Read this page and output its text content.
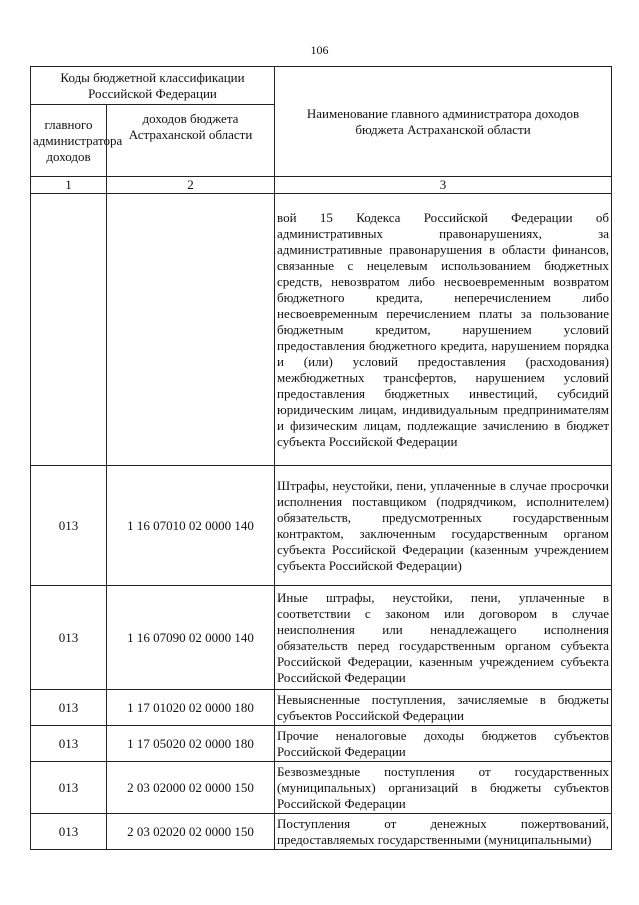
106
Коды бюджетной классификации Российской Федерации		Наименование главного администратора доходов бюджета Астраханской области
главного администратора доходов	доходов бюджета Астраханской области	
1	2	3
		вой 15 Кодекса Российской Федерации об административных правонарушениях, за административные правонарушения в области финансов, связанные с нецелевым использованием бюджетных средств, невозвратом либо несвоевременным возвратом бюджетного кредита, неперечислением либо несвоевременным перечислением платы за пользование бюджетным кредитом, нарушением условий предоставления бюджетного кредита, нарушением порядка и (или) условий предоставления (расходования) межбюджетных трансфертов, нарушением условий предоставления бюджетных инвестиций, субсидий юридическим лицам, индивидуальным предпринимателям и физическим лицам, подлежащие зачислению в бюджет субъекта Российской Федерации
013	1 16 07010 02 0000 140	Штрафы, неустойки, пени, уплаченные в случае просрочки исполнения поставщиком (подрядчиком, исполнителем) обязательств, предусмотренных государственным контрактом, заключенным государственным органом субъекта Российской Федерации (казенным учреждением субъекта Российской Федерации)
013	1 16 07090 02 0000 140	Иные штрафы, неустойки, пени, уплаченные в соответствии с законом или договором в случае неисполнения или ненадлежащего исполнения обязательств перед государственным органом субъекта Российской Федерации, казенным учреждением субъекта Российской Федерации
013	1 17 01020 02 0000 180	Невыясненные поступления, зачисляемые в бюджеты субъектов Российской Федерации
013	1 17 05020 02 0000 180	Прочие неналоговые доходы бюджетов субъектов Российской Федерации
013	2 03 02000 02 0000 150	Безвозмездные поступления от государственных (муниципальных) организаций в бюджеты субъектов Российской Федерации
013	2 03 02020 02 0000 150	Поступления от денежных пожертвований, предоставляемых государственными (муниципальными)
